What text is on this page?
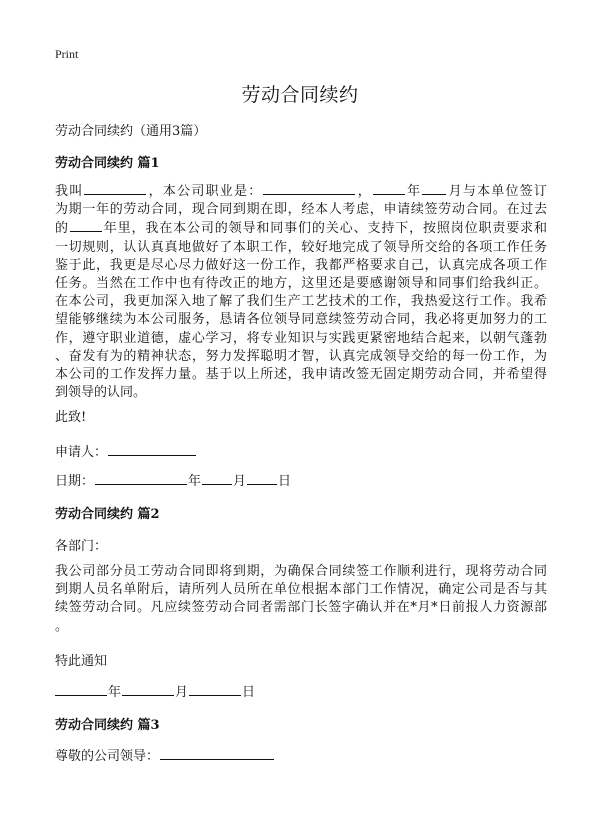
Print
劳动合同续约
劳动合同续约（通用3篇）
劳动合同续约 篇1
我叫	，本公司职业是：	，	年 月与本单位签订
为期一年的劳动合同，现合同到期在即，经本人考虑，申请续签劳动合同。在过去
的	年里，我在本公司的领导和同事们的关心、支持下，按照岗位职责要求和
一切规则，认认真真地做好了本职工作，较好地完成了领导所交给的各项工作任务
鉴于此，我更是尽心尽力做好这一份工作，我都严格要求自己，认真完成各项工作
任务。当然在工作中也有待改正的地方，这里还是要感谢领导和同事们给我纠正。
在本公司，我更加深入地了解了我们生产工艺技术的工作，我热爱这行工作。我希
望能够继续为本公司服务，恳请各位领导同意续签劳动合同，我必将更加努力的工
作，遵守职业道德，虚心学习，将专业知识与实践更紧密地结合起来，以朝气蓬勃
、奋发有为的精神状态，努力发挥聪明才智，认真完成领导交给的每一份工作，为
本公司的工作发挥力量。基于以上所述，我申请改签无固定期劳动合同，并希望得
到领导的认同。
此致!
申请人：
日期：	年 月 日
劳动合同续约 篇2
各部门：
我公司部分员工劳动合同即将到期，为确保合同续签工作顺利进行，现将劳动合同
到期人员名单附后，请所列人员所在单位根据本部门工作情况，确定公司是否与其
续签劳动合同。凡应续签劳动合同者需部门长签字确认并在*月*日前报人力资源部
。
特此通知
年	月	日
劳动合同续约 篇3
尊敬的公司领导：
